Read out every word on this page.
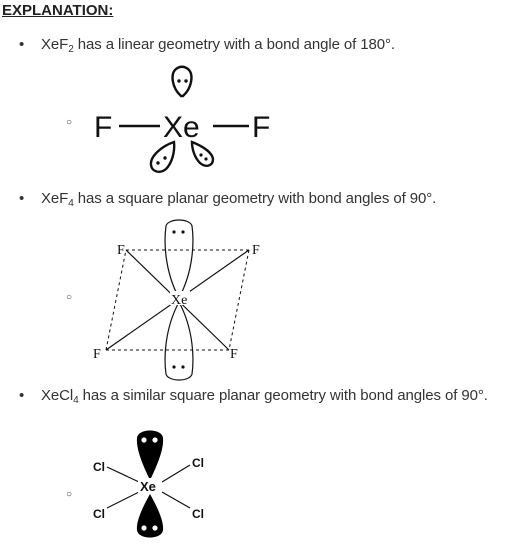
EXPLANATION:
• XeF$_2$ has a linear geometry with a bond angle of 180°.
○ F Xe F
• XeF$_4$ has a square planar geometry with bond angles of 90°.
○	Xe
F	F
F	F
• XeCl$_4$ has a similar square planar geometry with bond angles of 90°.
○
Xe
Cl	Cl
Cl	Cl
